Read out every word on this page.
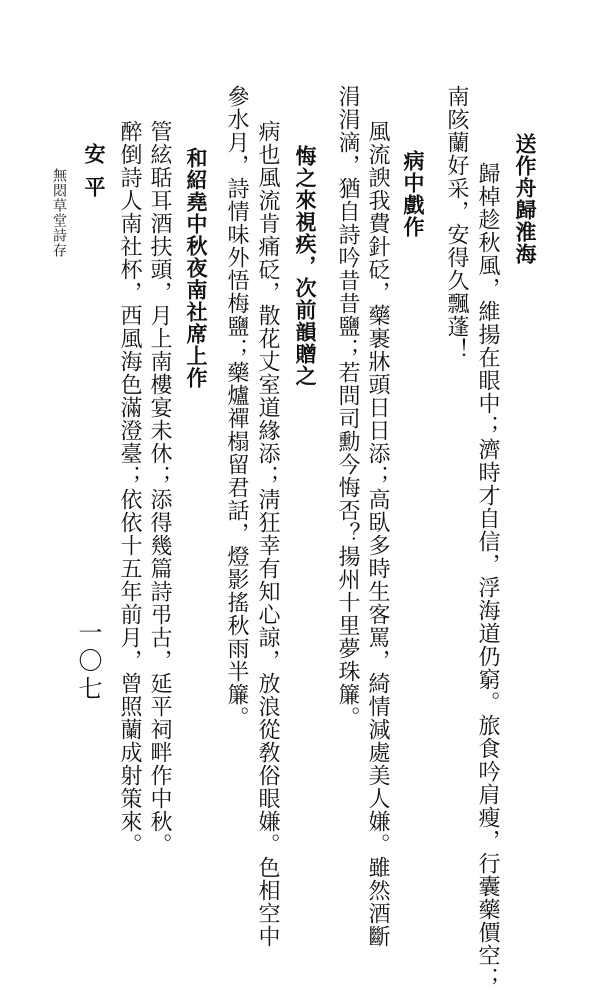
送作舟歸淮海
歸棹趁秋風，維揚在眼中；濟時才自信，浮海道仍窮。旅食吟肩瘦，行囊藥價空；
南陔蘭好采，安得久飄蓬！
病中戲作
風流諛我費針砭，藥裹牀頭日日添；高臥多時生客罵，綺情減處美人嫌。雖然酒斷
涓涓滴，猶自詩吟昔昔鹽；若問司勳今悔否？揚州十里夢珠簾。
悔之來視疾，次前韻贈之
病也風流肯痛砭，散花丈室道緣添；淸狂幸有知心諒，放浪從敎俗眼嫌。色相空中
參水月，詩情味外悟梅鹽；藥爐禪榻留君話，燈影搖秋雨半簾。
和紹堯中秋夜南社席上作
管絃聒耳酒扶頭，月上南樓宴未休；添得幾篇詩弔古，延平祠畔作中秋。
醉倒詩人南社杯，西風海色滿澄臺；依依十五年前月，曾照蘭成射策來。
安平
無悶草堂詩存
一〇七
